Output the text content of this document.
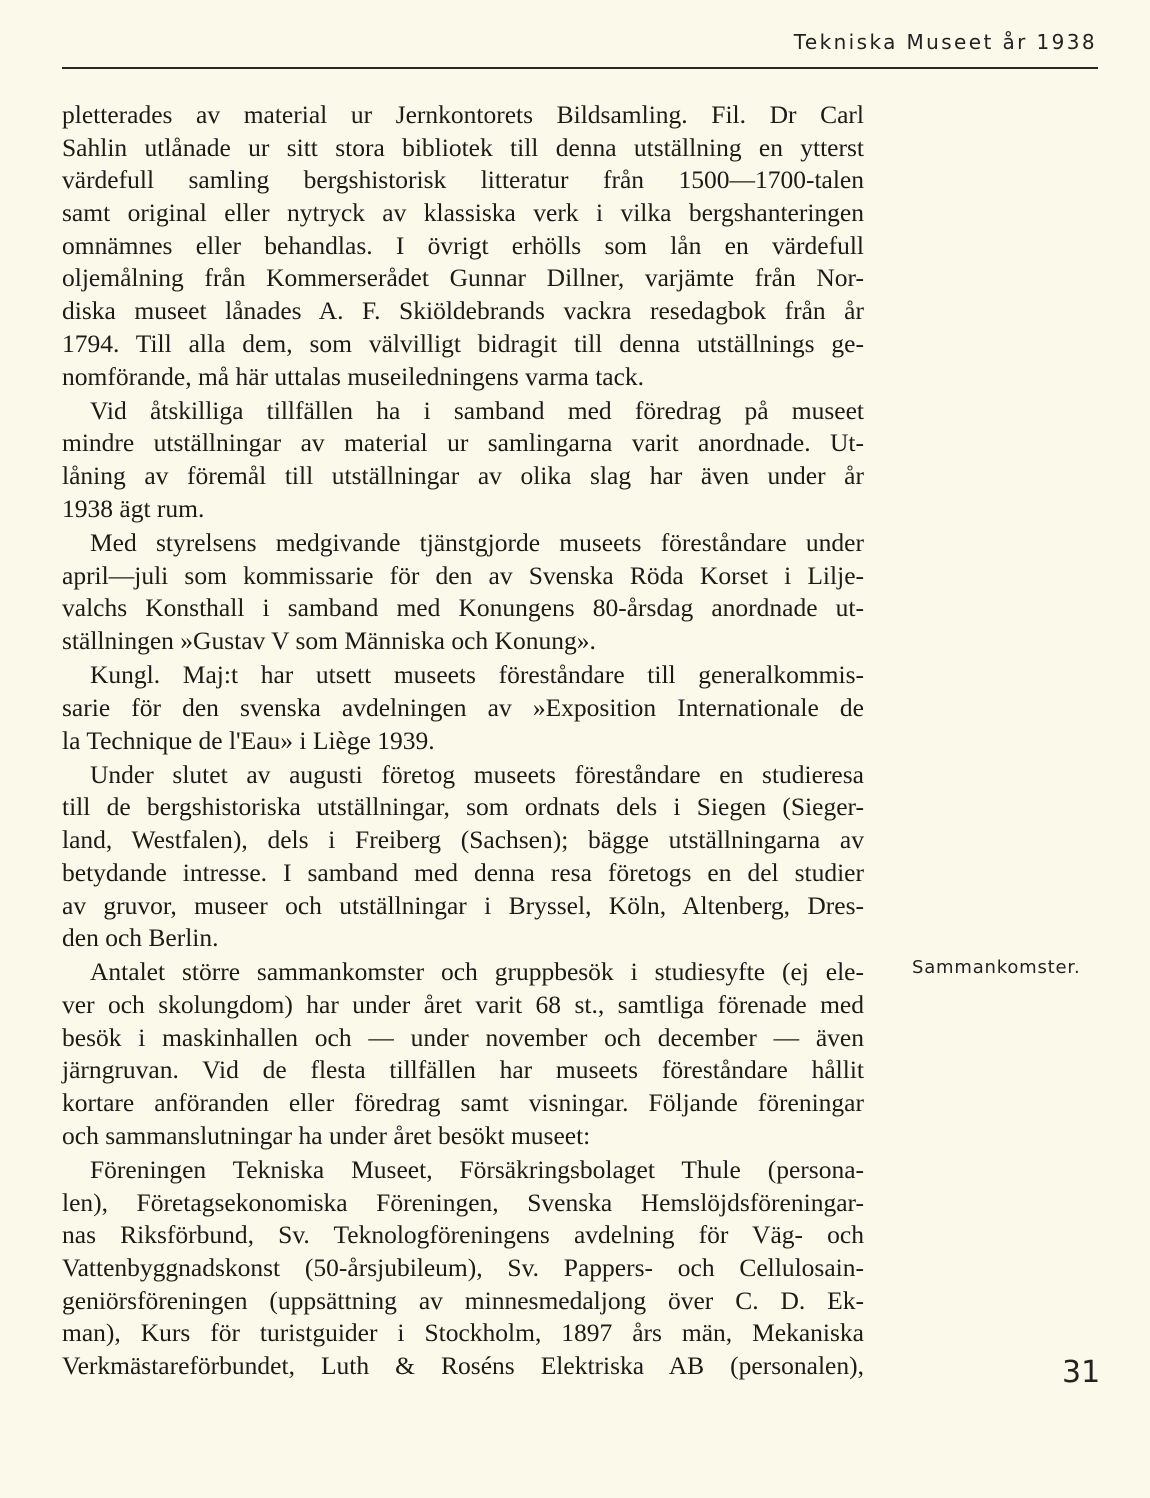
Tekniska Museet år 1938
pletterades av material ur Jernkontorets Bildsamling. Fil. Dr Carl
Sahlin utlånade ur sitt stora bibliotek till denna utställning en ytterst
värdefull samling bergshistorisk litteratur från 1500—1700-talen
samt original eller nytryck av klassiska verk i vilka bergshanteringen
omnämnes eller behandlas. I övrigt erhölls som lån en värdefull
oljemålning från Kommerserådet Gunnar Dillner, varjämte från Nor-
diska museet lånades A. F. Skiöldebrands vackra resedagbok från år
1794. Till alla dem, som välvilligt bidragit till denna utställnings ge-
nomförande, må här uttalas museiledningens varma tack.
Vid åtskilliga tillfällen ha i samband med föredrag på museet
mindre utställningar av material ur samlingarna varit anordnade. Ut-
låning av föremål till utställningar av olika slag har även under år
1938 ägt rum.
Med styrelsens medgivande tjänstgjorde museets föreståndare under
april—juli som kommissarie för den av Svenska Röda Korset i Lilje-
valchs Konsthall i samband med Konungens 80-årsdag anordnade ut-
ställningen »Gustav V som Människa och Konung».
Kungl. Maj:t har utsett museets föreståndare till generalkommis-
sarie för den svenska avdelningen av »Exposition Internationale de
la Technique de l'Eau» i Liège 1939.
Under slutet av augusti företog museets föreståndare en studieresa
till de bergshistoriska utställningar, som ordnats dels i Siegen (Sieger-
land, Westfalen), dels i Freiberg (Sachsen); bägge utställningarna av
betydande intresse. I samband med denna resa företogs en del studier
av gruvor, museer och utställningar i Bryssel, Köln, Altenberg, Dres-
den och Berlin.
Antalet större sammankomster och gruppbesök i studiesyfte (ej ele-
ver och skolungdom) har under året varit 68 st., samtliga förenade med
besök i maskinhallen och — under november och december — även
järngruvan. Vid de flesta tillfällen har museets föreståndare hållit
kortare anföranden eller föredrag samt visningar. Följande föreningar
och sammanslutningar ha under året besökt museet:
Föreningen Tekniska Museet, Försäkringsbolaget Thule (persona-
len), Företagsekonomiska Föreningen, Svenska Hemslöjdsföreningar-
nas Riksförbund, Sv. Teknologföreningens avdelning för Väg- och
Vattenbyggnadskonst (50-årsjubileum), Sv. Pappers- och Cellulosain-
geniörsföreningen (uppsättning av minnesmedaljong över C. D. Ek-
man), Kurs för turistguider i Stockholm, 1897 års män, Mekaniska
Verkmästareförbundet, Luth & Roséns Elektriska AB (personalen),
Sammankomster.
31
